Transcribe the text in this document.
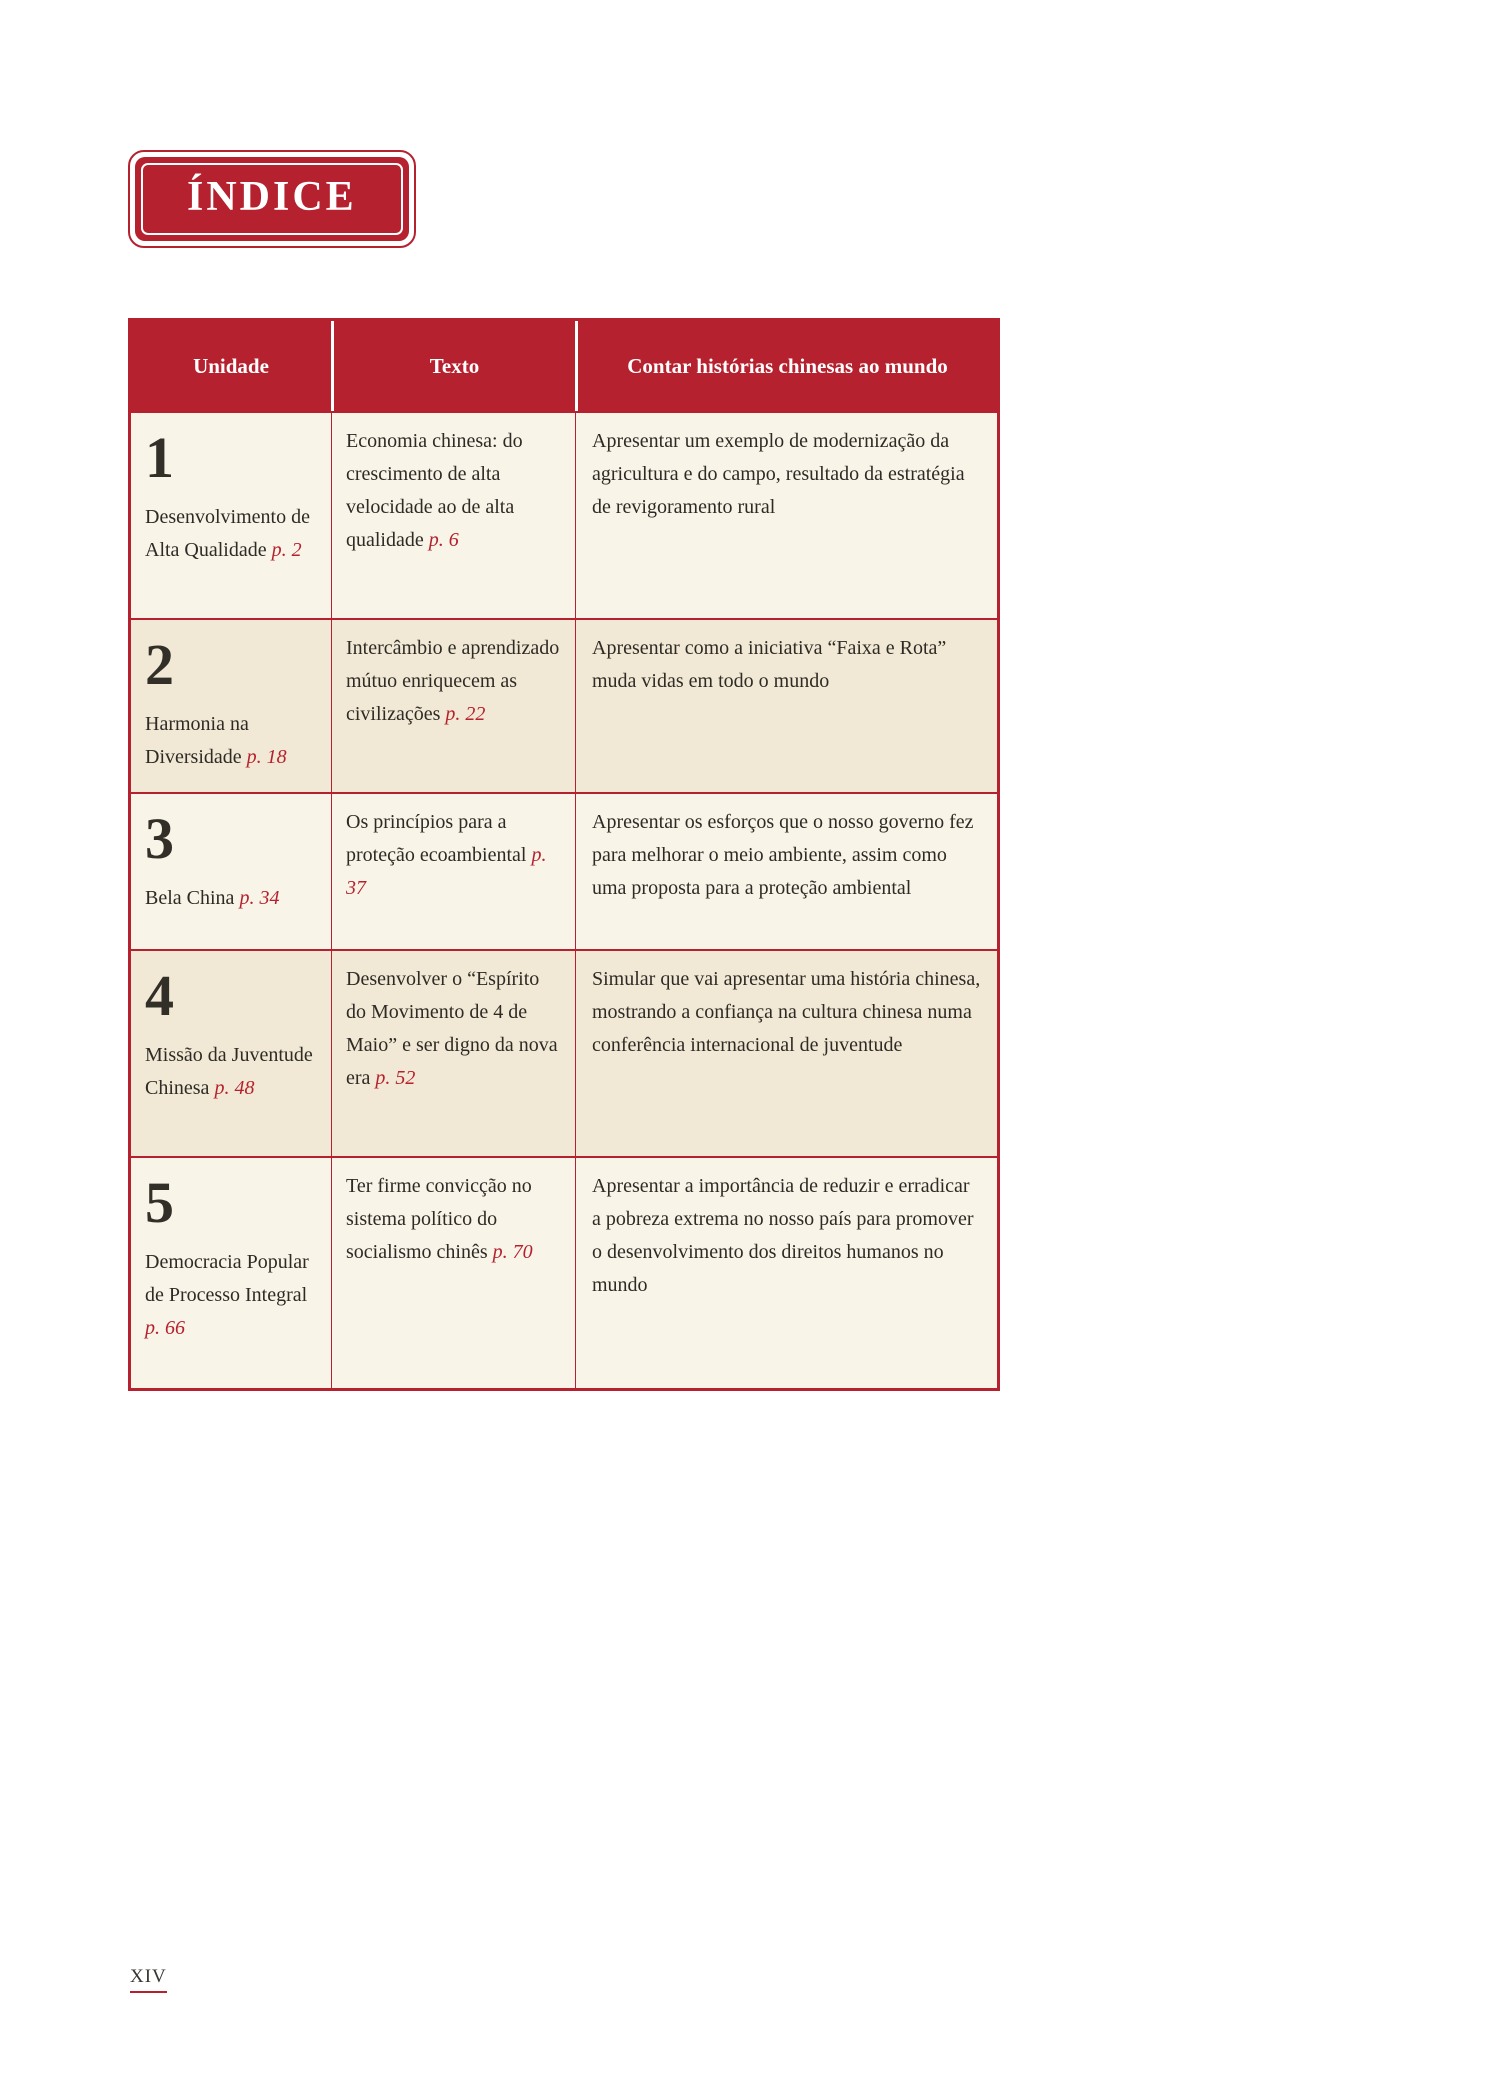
ÍNDICE
Unidade	Texto	Contar histórias chinesas ao mundo
1
Desenvolvimento de Alta Qualidade p. 2
Economia chinesa: do crescimento de alta velocidade ao de alta qualidade p. 6
Apresentar um exemplo de modernização da agricultura e do campo, resultado da estratégia de revigoramento rural
2
Harmonia na Diversidade p. 18
Intercâmbio e aprendizado mútuo enriquecem as civilizações p. 22
Apresentar como a iniciativa “Faixa e Rota” muda vidas em todo o mundo
3
Bela China p. 34
Os princípios para a proteção ecoambiental p. 37
Apresentar os esforços que o nosso governo fez para melhorar o meio ambiente, assim como uma proposta para a proteção ambiental
4
Missão da Juventude Chinesa p. 48
Desenvolver o “Espírito do Movimento de 4 de Maio” e ser digno da nova era p. 52
Simular que vai apresentar uma história chinesa, mostrando a confiança na cultura chinesa numa conferência internacional de juventude
5
Democracia Popular de Processo Integral p. 66
Ter firme convicção no sistema político do socialismo chinês p. 70
Apresentar a importância de reduzir e erradicar a pobreza extrema no nosso país para promover o desenvolvimento dos direitos humanos no mundo
XIV
